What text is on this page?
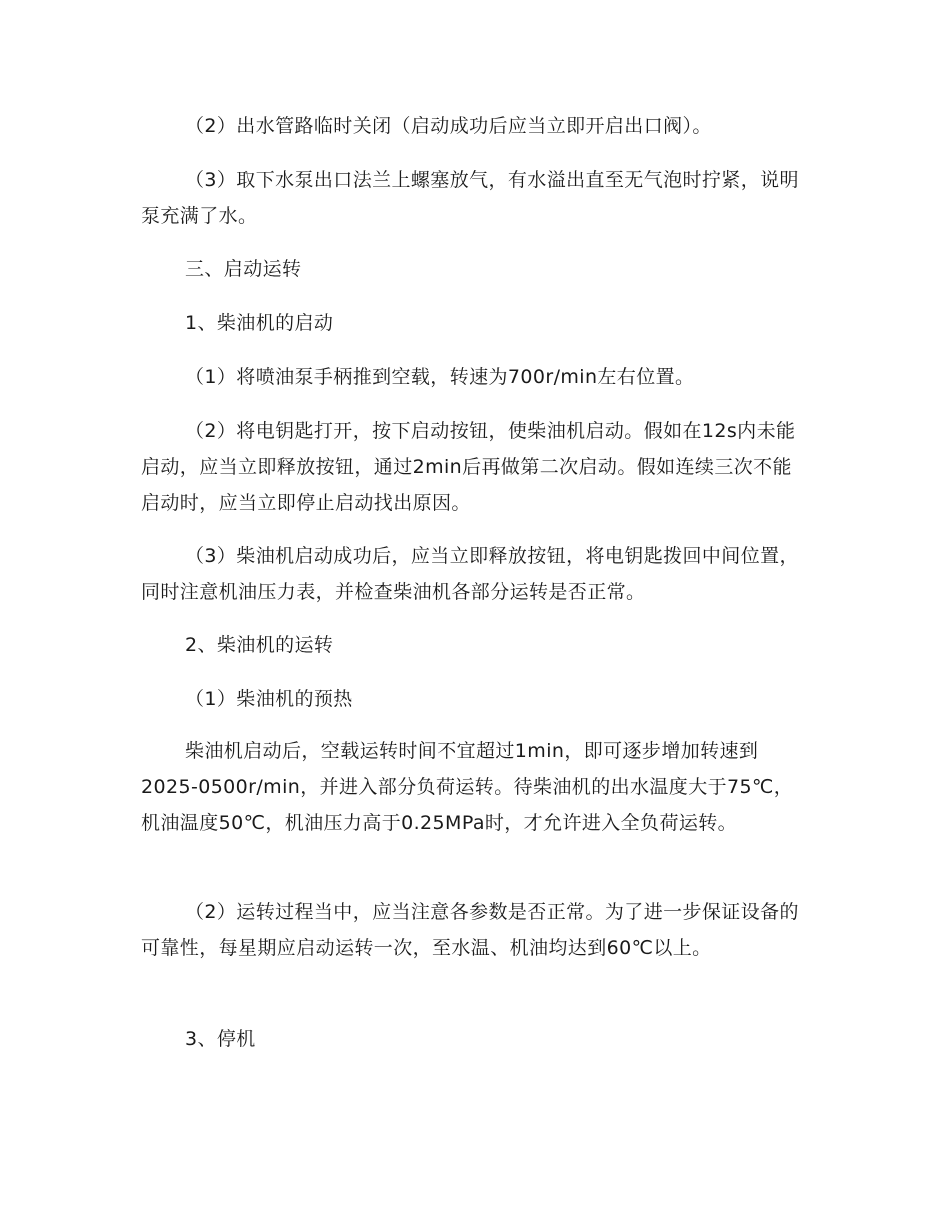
（2）出水管路临时关闭（启动成功后应当立即开启出口阀）。

（3）取下水泵出口法兰上螺塞放气，有水溢出直至无气泡时拧紧，说明泵充满了水。

三、启动运转

1、柴油机的启动

（1）将喷油泵手柄推到空载，转速为700r/min左右位置。

（2）将电钥匙打开，按下启动按钮，使柴油机启动。假如在12s内未能启动，应当立即释放按钮，通过2min后再做第二次启动。假如连续三次不能启动时，应当立即停止启动找出原因。

（3）柴油机启动成功后，应当立即释放按钮，将电钥匙拨回中间位置，同时注意机油压力表，并检查柴油机各部分运转是否正常。

2、柴油机的运转

（1）柴油机的预热

柴油机启动后，空载运转时间不宜超过1min，即可逐步增加转速到2025-0500r/min，并进入部分负荷运转。待柴油机的出水温度大于75℃，机油温度50℃，机油压力高于0.25MPa时，才允许进入全负荷运转。

（2）运转过程当中，应当注意各参数是否正常。为了进一步保证设备的可靠性，每星期应启动运转一次，至水温、机油均达到60℃以上。

3、停机
